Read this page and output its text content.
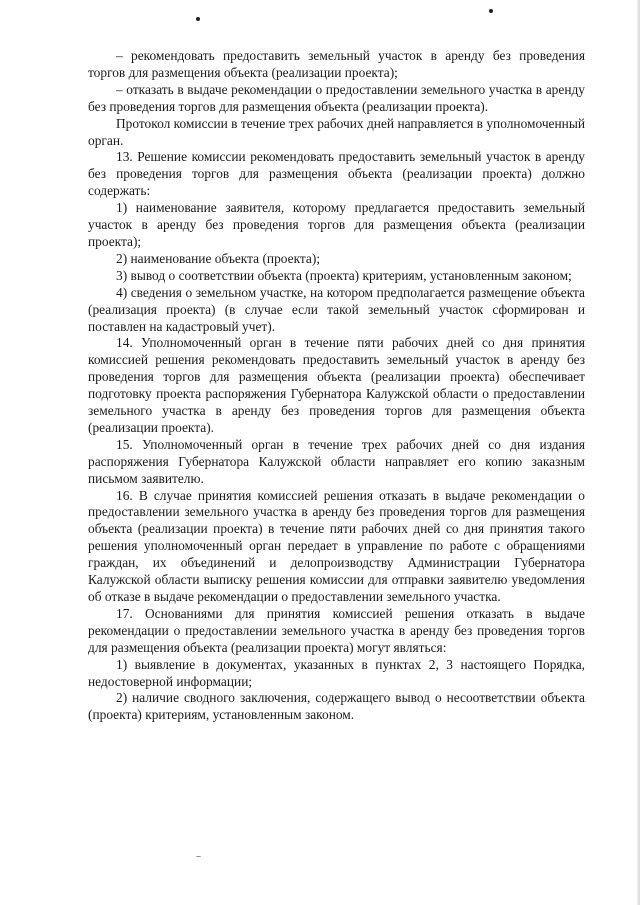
– рекомендовать предоставить земельный участок в аренду без проведения торгов для размещения объекта (реализации проекта);

– отказать в выдаче рекомендации о предоставлении земельного участка в аренду без проведения торгов для размещения объекта (реализации проекта).

Протокол комиссии в течение трех рабочих дней направляется в уполномоченный орган.

13. Решение комиссии рекомендовать предоставить земельный участок в аренду без проведения торгов для размещения объекта (реализации проекта) должно содержать:

1) наименование заявителя, которому предлагается предоставить земельный участок в аренду без проведения торгов для размещения объекта (реализации проекта);

2) наименование объекта (проекта);

3) вывод о соответствии объекта (проекта) критериям, установленным законом;

4) сведения о земельном участке, на котором предполагается размещение объекта (реализация проекта) (в случае если такой земельный участок сформирован и поставлен на кадастровый учет).

14. Уполномоченный орган в течение пяти рабочих дней со дня принятия комиссией решения рекомендовать предоставить земельный участок в аренду без проведения торгов для размещения объекта (реализации проекта) обеспечивает подготовку проекта распоряжения Губернатора Калужской области о предоставлении земельного участка в аренду без проведения торгов для размещения объекта (реализации проекта).

15. Уполномоченный орган в течение трех рабочих дней со дня издания распоряжения Губернатора Калужской области направляет его копию заказным письмом заявителю.

16. В случае принятия комиссией решения отказать в выдаче рекомендации о предоставлении земельного участка в аренду без проведения торгов для размещения объекта (реализации проекта) в течение пяти рабочих дней со дня принятия такого решения уполномоченный орган передает в управление по работе с обращениями граждан, их объединений и делопроизводству Администрации Губернатора Калужской области выписку решения комиссии для отправки заявителю уведомления об отказе в выдаче рекомендации о предоставлении земельного участка.

17. Основаниями для принятия комиссией решения отказать в выдаче рекомендации о предоставлении земельного участка в аренду без проведения торгов для размещения объекта (реализации проекта) могут являться:

1) выявление в документах, указанных в пунктах 2, 3 настоящего Порядка, недостоверной информации;

2) наличие сводного заключения, содержащего вывод о несоответствии объекта (проекта) критериям, установленным законом.
